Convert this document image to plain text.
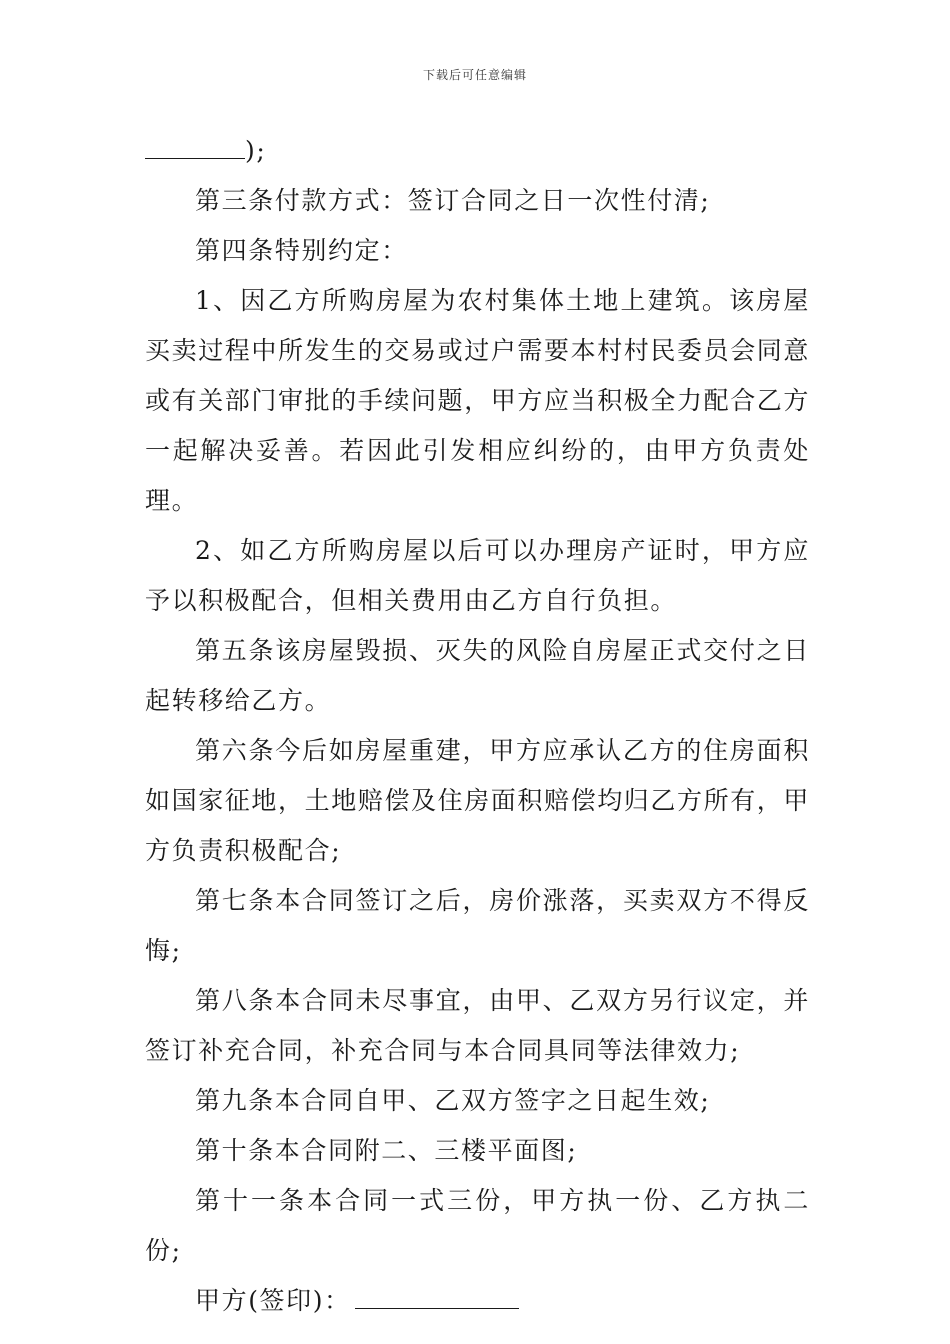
下载后可任意编辑

);

第三条付款方式：签订合同之日一次性付清;

第四条特别约定：

1、因乙方所购房屋为农村集体土地上建筑。该房屋买卖过程中所发生的交易或过户需要本村村民委员会同意或有关部门审批的手续问题，甲方应当积极全力配合乙方一起解决妥善。若因此引发相应纠纷的，由甲方负责处理。

2、如乙方所购房屋以后可以办理房产证时，甲方应予以积极配合，但相关费用由乙方自行负担。

第五条该房屋毁损、灭失的风险自房屋正式交付之日起转移给乙方。

第六条今后如房屋重建，甲方应承认乙方的住房面积如国家征地，土地赔偿及住房面积赔偿均归乙方所有，甲方负责积极配合;

第七条本合同签订之后，房价涨落，买卖双方不得反悔;

第八条本合同未尽事宜，由甲、乙双方另行议定，并签订补充合同，补充合同与本合同具同等法律效力;

第九条本合同自甲、乙双方签字之日起生效;

第十条本合同附二、三楼平面图;

第十一条本合同一式三份，甲方执一份、乙方执二份;

甲方(签印)：
